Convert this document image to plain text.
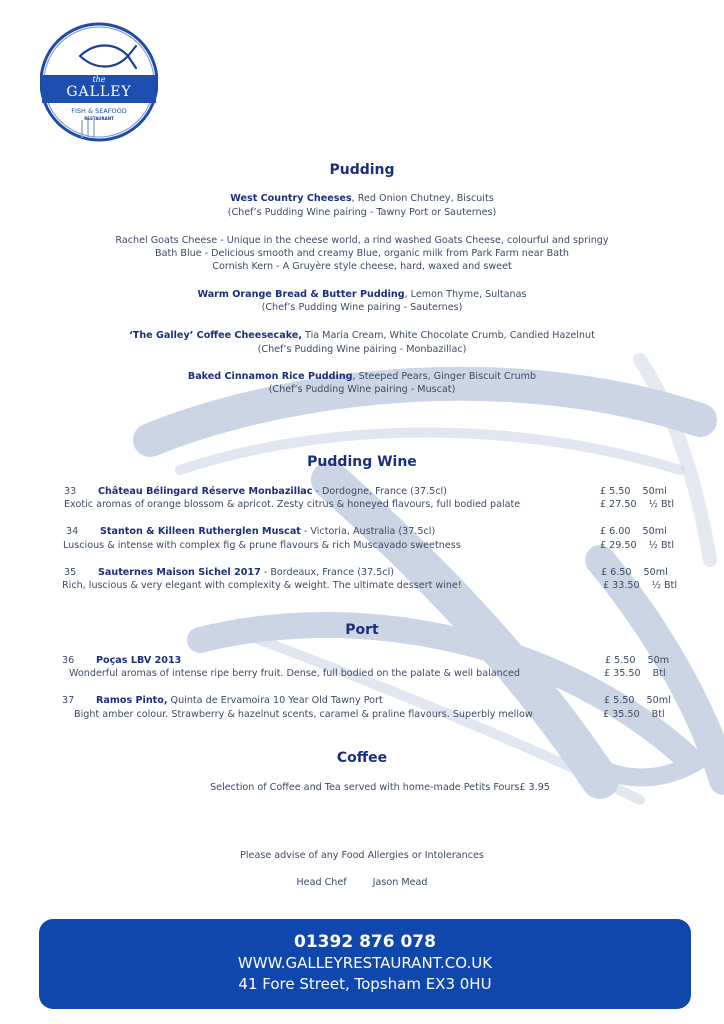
the
GALLEY
FISH & SEAFOOD
RESTAURANT
Pudding
West Country Cheeses, Red Onion Chutney, Biscuits
(Chef’s Pudding Wine pairing - Tawny Port or Sauternes)
Rachel Goats Cheese - Unique in the cheese world, a rind washed Goats Cheese, colourful and springy
Bath Blue - Delicious smooth and creamy Blue, organic milk from Park Farm near Bath
Cornish Kern - A Gruyère style cheese, hard, waxed and sweet
Warm Orange Bread & Butter Pudding, Lemon Thyme, Sultanas
(Chef’s Pudding Wine pairing - Sauternes)
‘The Galley’ Coffee Cheesecake, Tia Maria Cream, White Chocolate Crumb, Candied Hazelnut
(Chef’s Pudding Wine pairing - Monbazillac)
Baked Cinnamon Rice Pudding, Steeped Pears, Ginger Biscuit Crumb
(Chef’s Pudding Wine pairing - Muscat)
Pudding Wine
33 Château Bélingard Réserve Monbazillac - Dordogne, France (37.5cl)
Exotic aromas of orange blossom & apricot. Zesty citrus & honeyed flavours, full bodied palate
£ 5.50 50ml
£ 27.50 ½ Btl
34 Stanton & Killeen Rutherglen Muscat - Victoria, Australia (37.5cl)
Luscious & intense with complex fig & prune flavours & rich Muscavado sweetness
£ 6.00 50ml
£ 29.50 ½ Btl
35 Sauternes Maison Sichel 2017 - Bordeaux, France (37.5cl)
Rich, luscious & very elegant with complexity & weight. The ultimate dessert wine!
£ 6.50 50ml
£ 33.50 ½ Btl
Port
36 Poças LBV 2013
Wonderful aromas of intense ripe berry fruit. Dense, full bodied on the palate & well balanced
£ 5.50 50m
£ 35.50 Btl
37 Ramos Pinto, Quinta de Ervamoira 10 Year Old Tawny Port
Bight amber colour. Strawberry & hazelnut scents, caramel & praline flavours. Superbly mellow
£ 5.50 50ml
£ 35.50 Btl
Coffee
Selection of Coffee and Tea served with home-made Petits Fours£ 3.95
Please advise of any Food Allergies or Intolerances
Head Chef	Jason Mead
01392 876 078
WWW.GALLEYRESTAURANT.CO.UK
41 Fore Street, Topsham EX3 0HU
